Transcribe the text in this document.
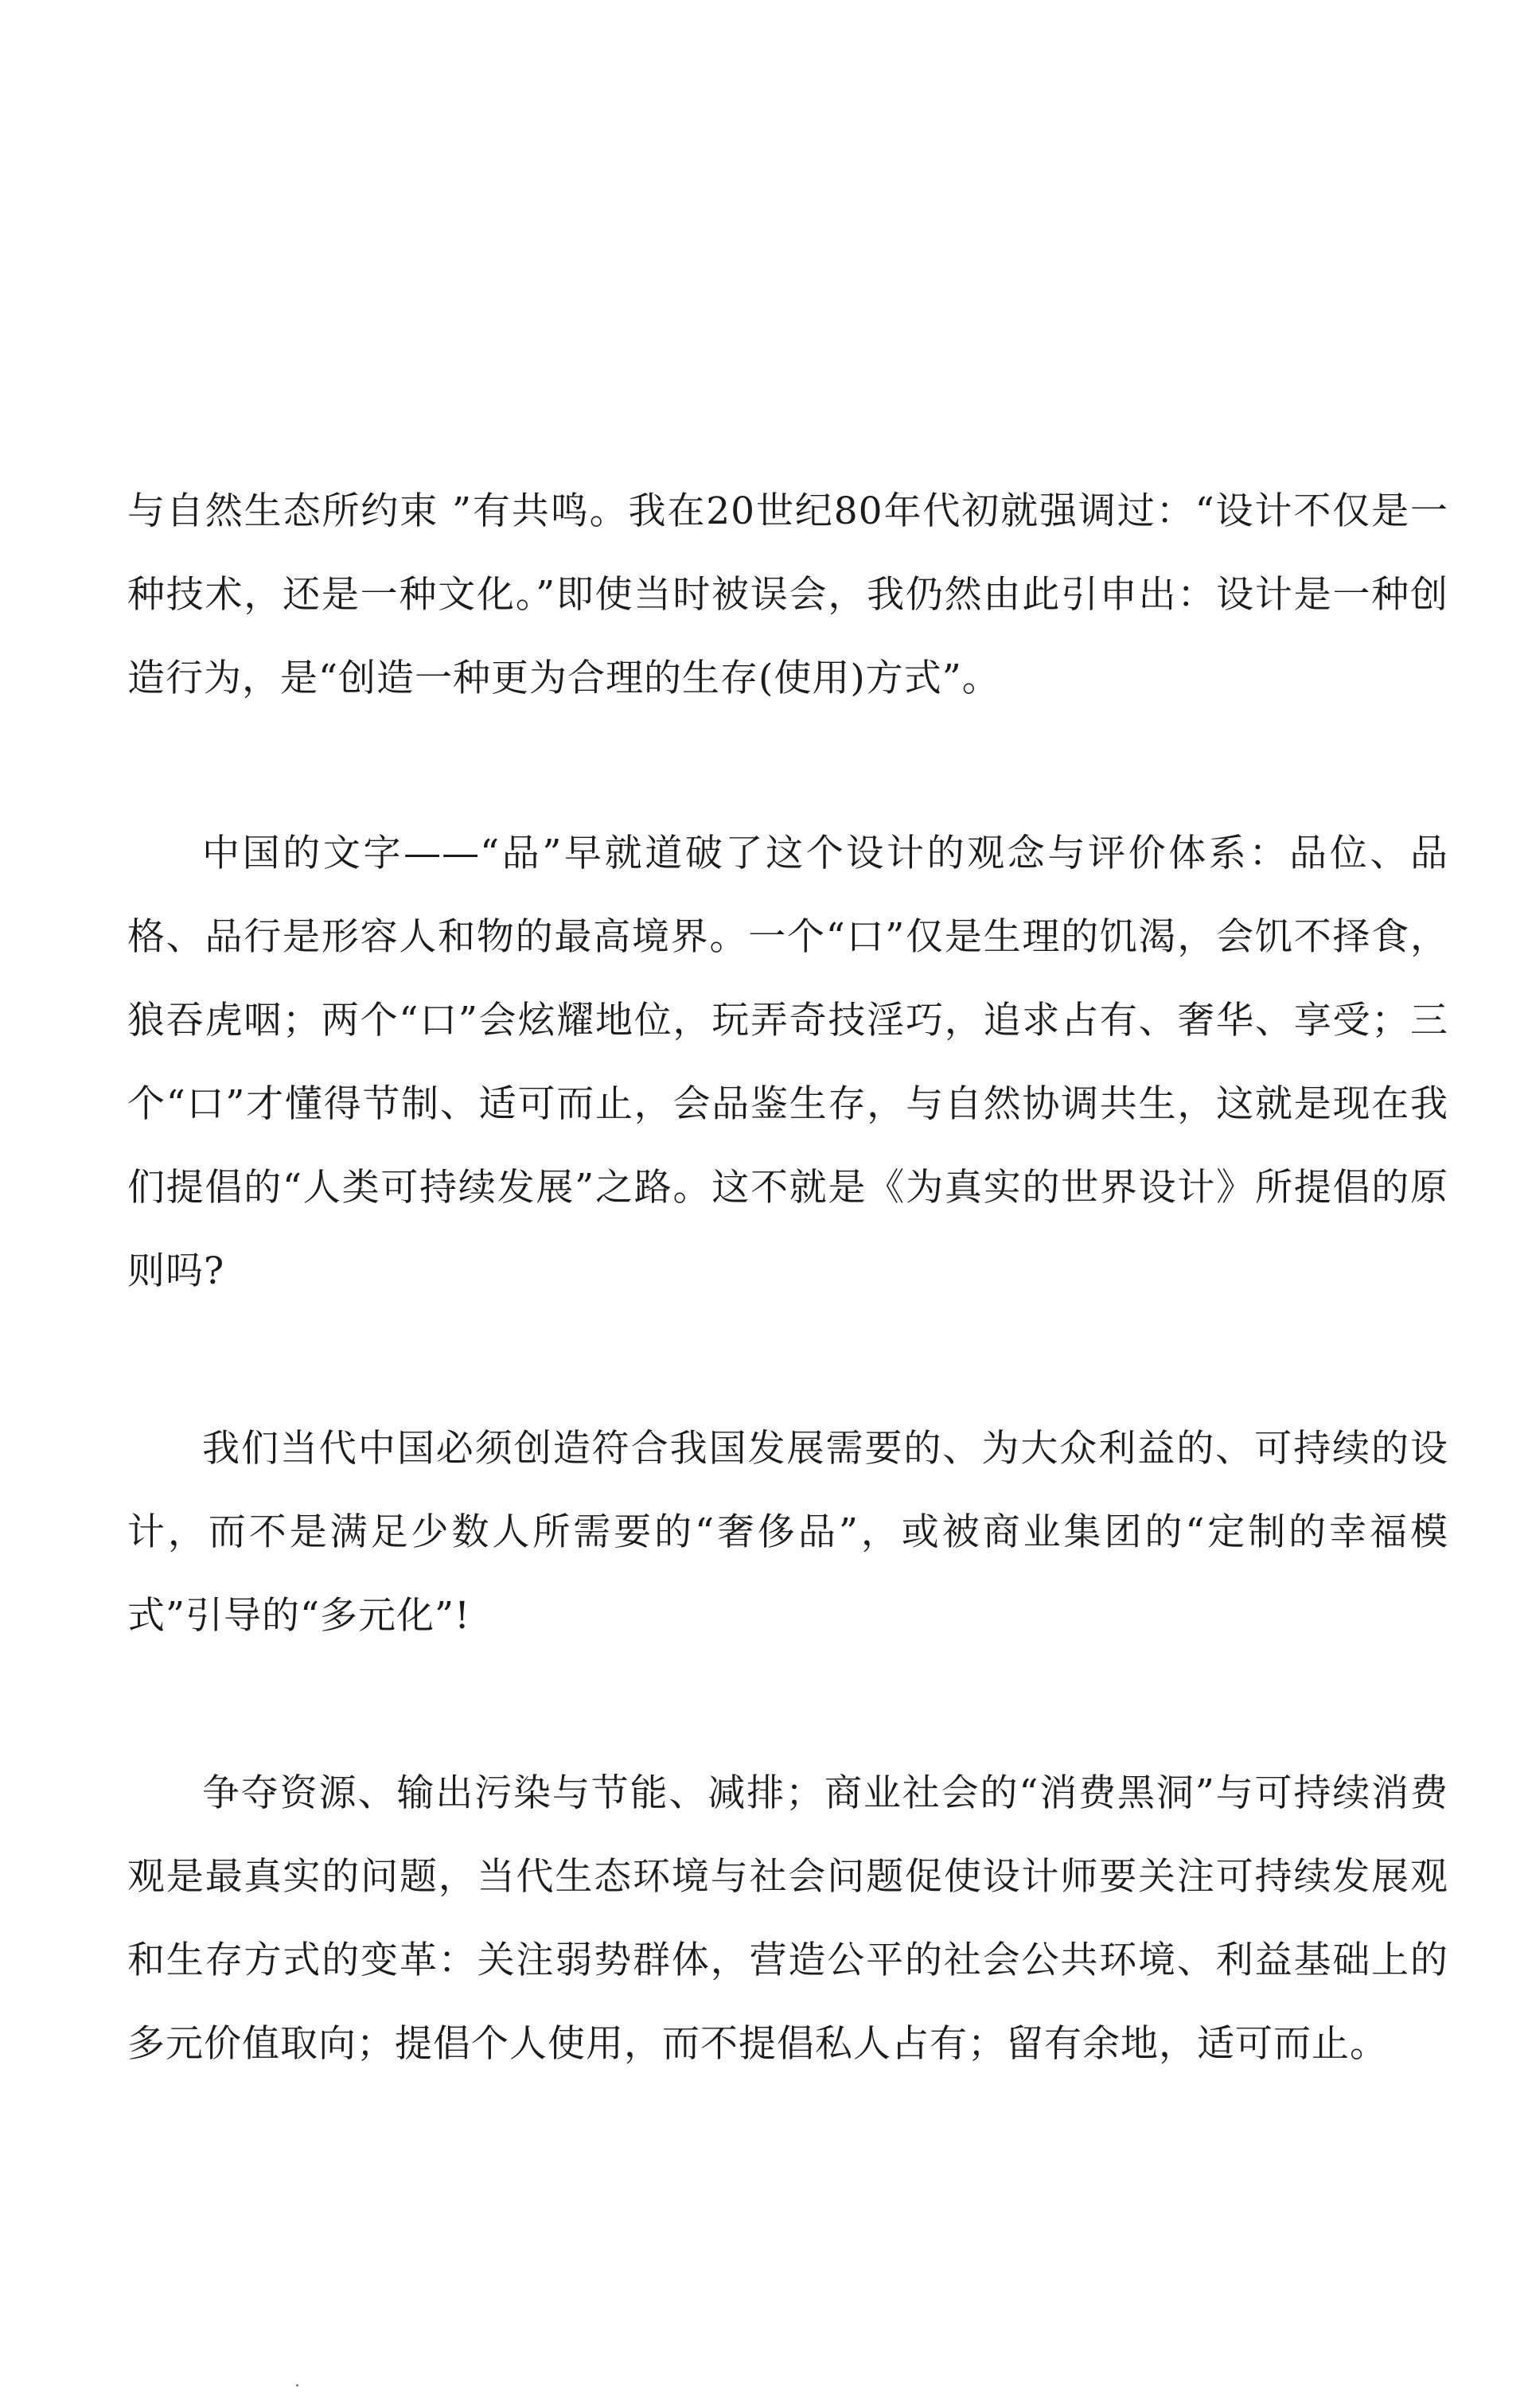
与自然生态所约束 ”有共鸣。我在20世纪80年代初就强调过：“设计不仅是一种技术，还是一种文化。”即使当时被误会，我仍然由此引申出：设计是一种创造行为，是“创造一种更为合理的生存(使用)方式”。

中国的文字——“品”早就道破了这个设计的观念与评价体系：品位、品格、品行是形容人和物的最高境界。一个“口”仅是生理的饥渴，会饥不择食，狼吞虎咽；两个“口”会炫耀地位，玩弄奇技淫巧，追求占有、奢华、享受；三个“口”才懂得节制、适可而止，会品鉴生存，与自然协调共生，这就是现在我们提倡的“人类可持续发展”之路。这不就是《为真实的世界设计》所提倡的原则吗?

我们当代中国必须创造符合我国发展需要的、为大众利益的、可持续的设计，而不是满足少数人所需要的“奢侈品”，或被商业集团的“定制的幸福模式”引导的“多元化”!

争夺资源、输出污染与节能、减排；商业社会的“消费黑洞”与可持续消费观是最真实的问题，当代生态环境与社会问题促使设计师要关注可持续发展观和生存方式的变革：关注弱势群体，营造公平的社会公共环境、利益基础上的多元价值取向；提倡个人使用，而不提倡私人占有；留有余地，适可而止。
